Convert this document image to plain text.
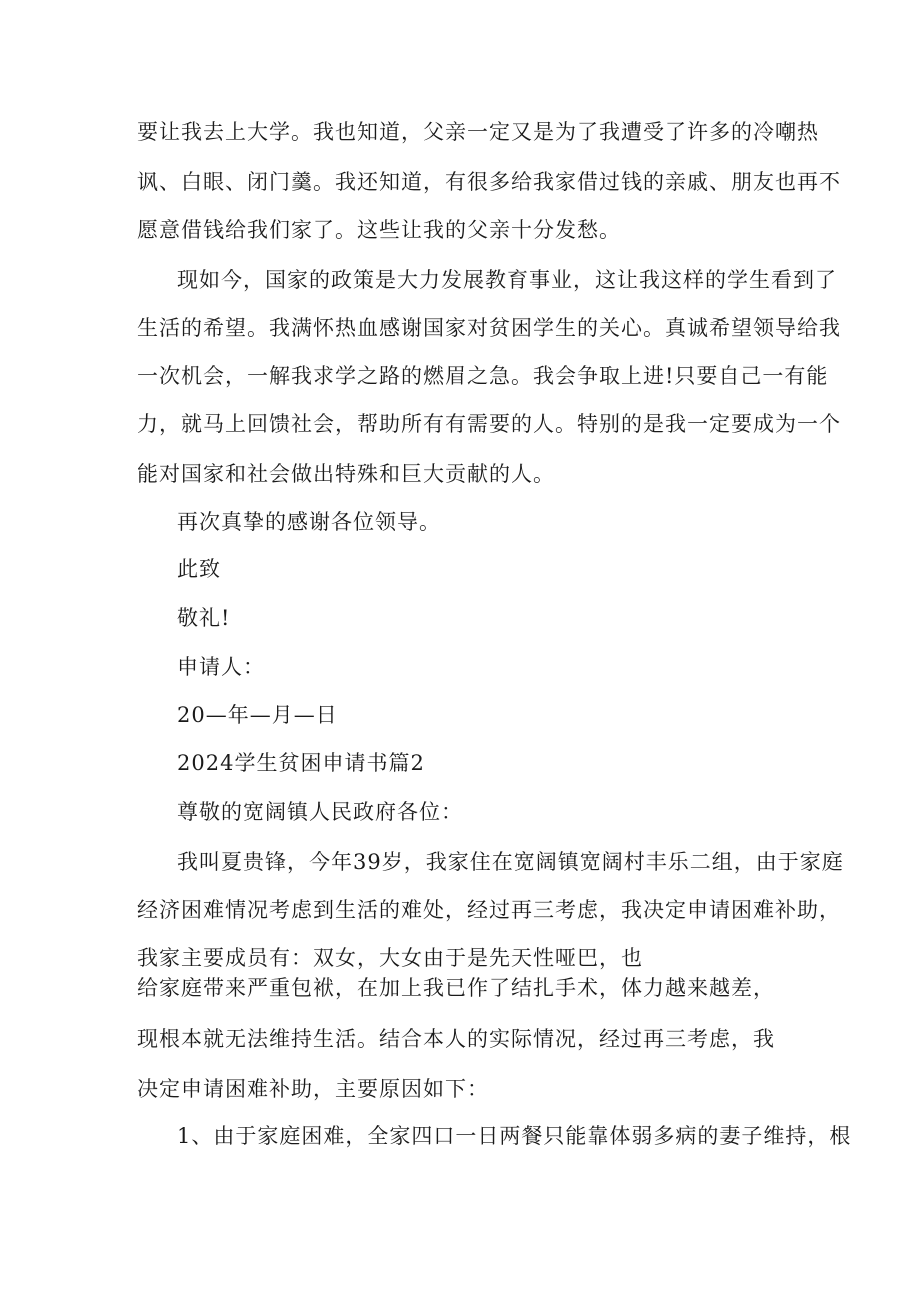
要让我去上大学。我也知道，父亲一定又是为了我遭受了许多的冷嘲热
讽、白眼、闭门羹。我还知道，有很多给我家借过钱的亲戚、朋友也再不
愿意借钱给我们家了。这些让我的父亲十分发愁。
现如今，国家的政策是大力发展教育事业，这让我这样的学生看到了
生活的希望。我满怀热血感谢国家对贫困学生的关心。真诚希望领导给我
一次机会，一解我求学之路的燃眉之急。我会争取上进!只要自己一有能
力，就马上回馈社会，帮助所有有需要的人。特别的是我一定要成为一个
能对国家和社会做出特殊和巨大贡献的人。
再次真挚的感谢各位领导。
此致
敬礼!
申请人：
20—年—月—日
2024学生贫困申请书篇2
尊敬的宽阔镇人民政府各位：
我叫夏贵锋，今年39岁，我家住在宽阔镇宽阔村丰乐二组，由于家庭
经济困难情况考虑到生活的难处，经过再三考虑，我决定申请困难补助，
我家主要成员有：双女，大女由于是先天性哑巴，也
给家庭带来严重包袱，在加上我已作了结扎手术，体力越来越差，
现根本就无法维持生活。结合本人的实际情况，经过再三考虑，我
决定申请困难补助，主要原因如下：
1、由于家庭困难，全家四口一日两餐只能靠体弱多病的妻子维持，根
